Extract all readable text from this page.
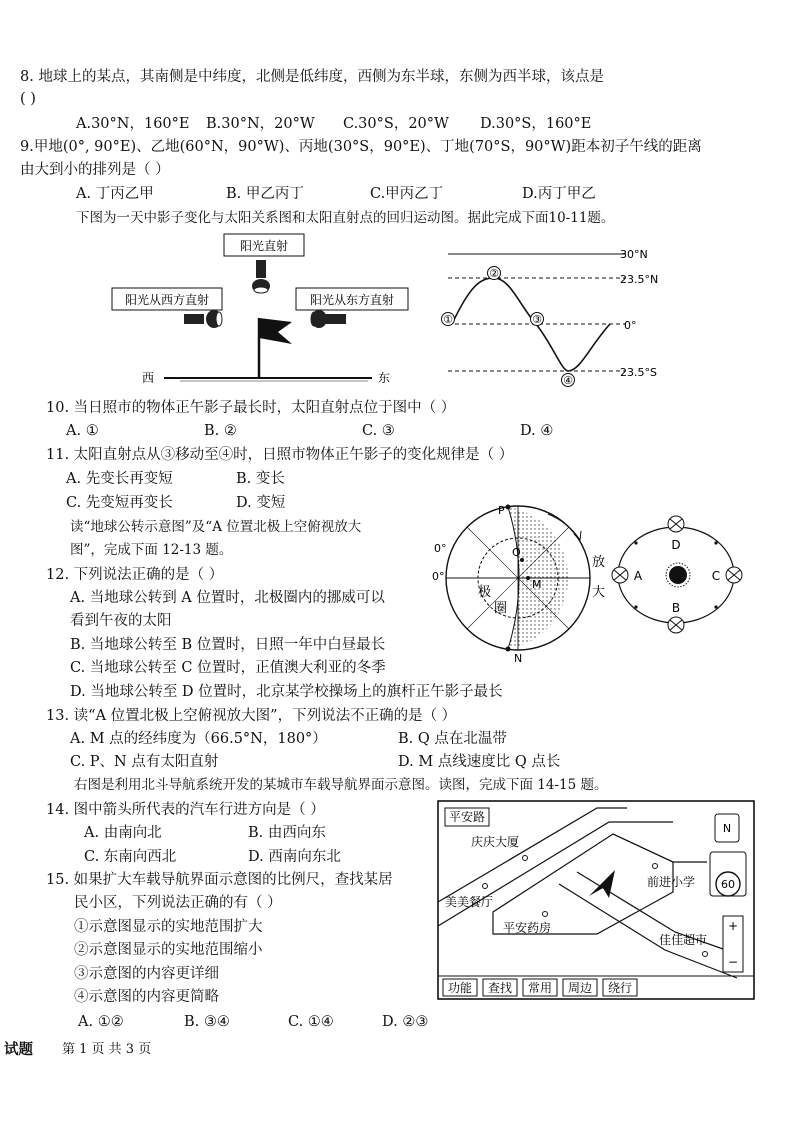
8. 地球上的某点，其南侧是中纬度，北侧是低纬度，西侧为东半球，东侧为西半球，该点是
( )
A.30°N，160°E B.30°N，20°W C.30°S，20°W D.30°S，160°E
9.甲地(0°, 90°E)、乙地(60°N，90°W)、丙地(30°S，90°E)、丁地(70°S，90°W)距本初子午线的距离
由大到小的排列是（ ）
A. 丁丙乙甲	B. 甲乙丙丁	C.甲丙乙丁	D.丙丁甲乙
下图为一天中影子变化与太阳关系图和太阳直射点的回归运动图。据此完成下面10-11题。
阳光直射
阳光从西方直射	阳光从东方直射
西	东
30°N
23.5°N
0°
23.5°S
①
②
③
④
10. 当日照市的物体正午影子最长时，太阳直射点位于图中（ ）
A. ①	B. ②	C. ③	D. ④
11. 太阳直射点从③移动至④时，日照市物体正午影子的变化规律是（ ）
A. 先变长再变短	B. 变长
C. 先变短再变长	D. 变短
读“地球公转示意图”及“A 位置北极上空俯视放大
图”，完成下面 12-13 题。
P
Q
M
N
极
圈
0°
0°
放
大
D
A	C
B
12. 下列说法正确的是（ ）
A. 当地球公转到 A 位置时，北极圈内的挪威可以
看到午夜的太阳
B. 当地球公转至 B 位置时，日照一年中白昼最长
C. 当地球公转至 C 位置时，正值澳大利亚的冬季
D. 当地球公转至 D 位置时，北京某学校操场上的旗杆正午影子最长
13. 读“A 位置北极上空俯视放大图”，下列说法不正确的是（ ）
A. M 点的经纬度为（66.5°N，180°）	B. Q 点在北温带
C. P、N 点有太阳直射	D. M 点线速度比 Q 点长
右图是利用北斗导航系统开发的某城市车载导航界面示意图。读图，完成下面 14-15 题。
14. 图中箭头所代表的汽车行进方向是（ ）
A. 由南向北	B. 由西向东
C. 东南向西北	D. 西南向东北
15. 如果扩大车载导航界面示意图的比例尺，查找某居
民小区，下列说法正确的有（ ）
①示意图显示的实地范围扩大
②示意图显示的实地范围缩小
③示意图的内容更详细
④示意图的内容更简略
A. ①②	B. ③④	C. ①④	D. ②③
平安路
庆庆大厦
美美餐厅
平安药房
前进小学
佳佳超市
N
60
+
−
功能 查找 常用 周边 绕行
试题 第 1 页 共 3 页
